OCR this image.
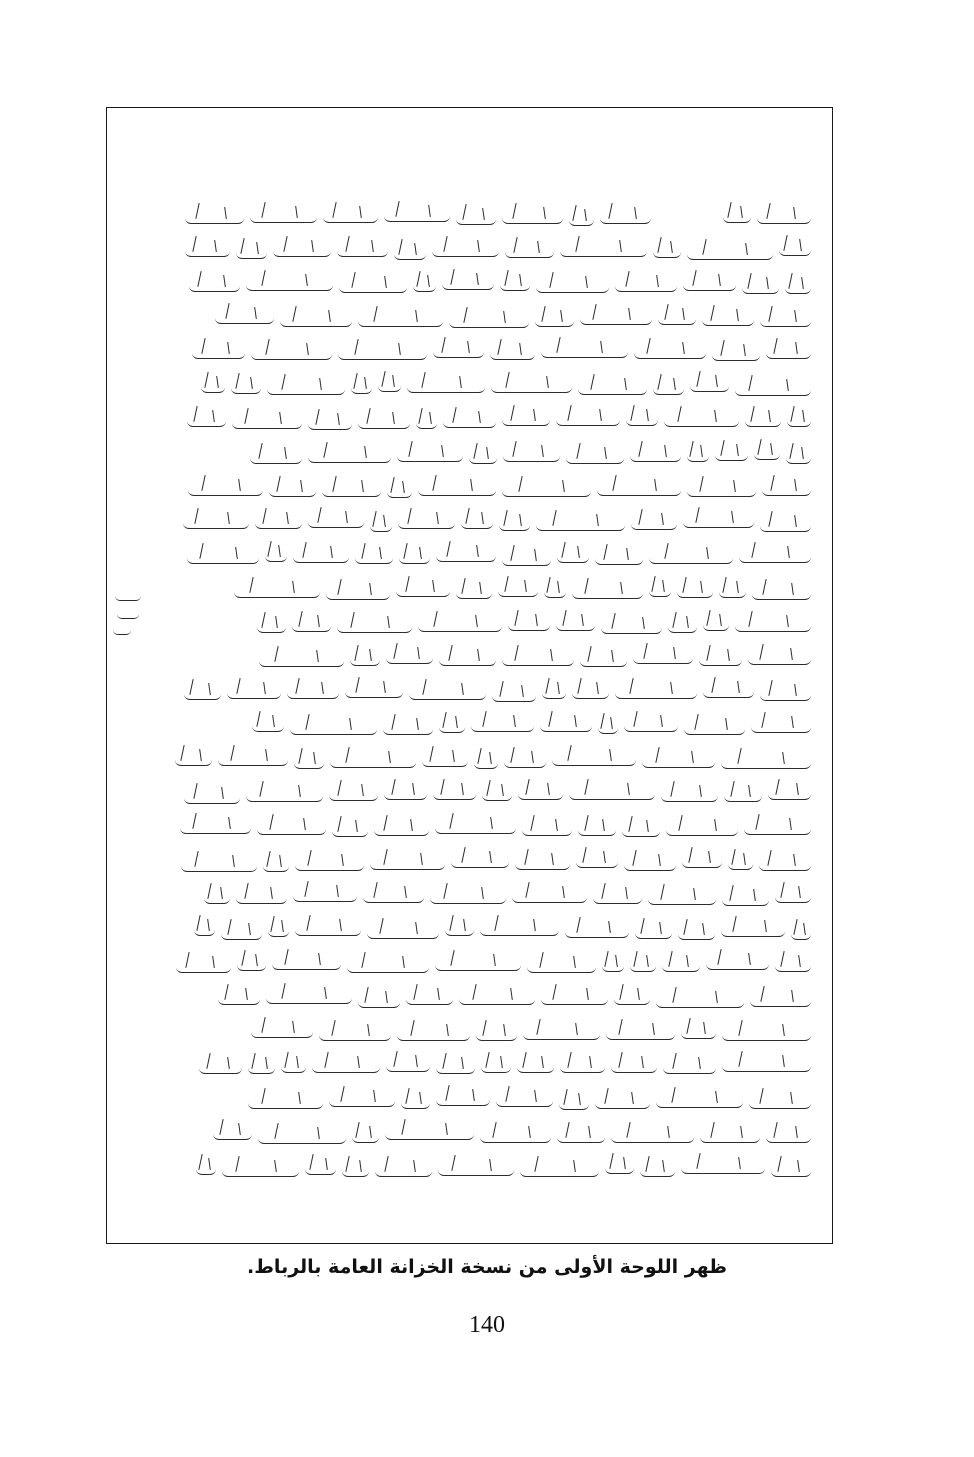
ظهر اللوحة الأولى من نسخة الخزانة العامة بالرباط.
140
